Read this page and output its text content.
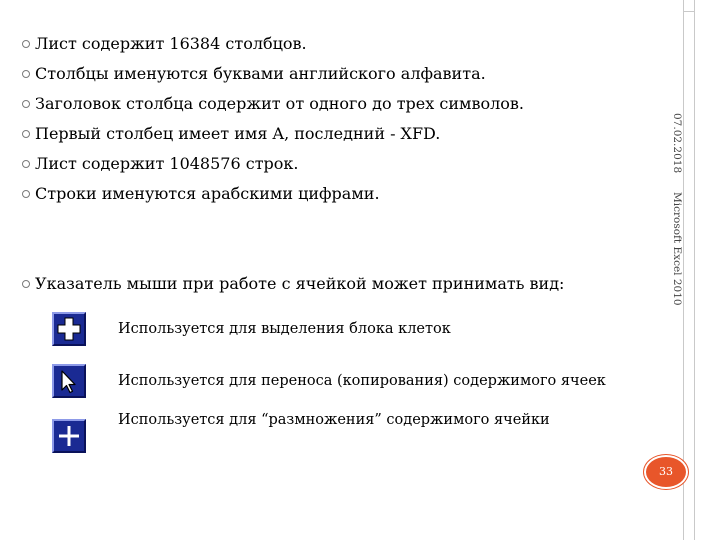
07.02.2018
Microsoft Excel 2010
Лист содержит 16384 столбцов.
Столбцы именуются буквами английского алфавита.
Заголовок столбца содержит от одного до трех символов.
Первый столбец имеет имя A, последний - XFD.
Лист содержит 1048576 строк.
Строки именуются арабскими цифрами.
Указатель мыши при работе с ячейкой может принимать вид:
Используется для выделения блока клеток
Используется для переноса (копирования) содержимого ячеек
Используется для “размножения” содержимого ячейки
33
